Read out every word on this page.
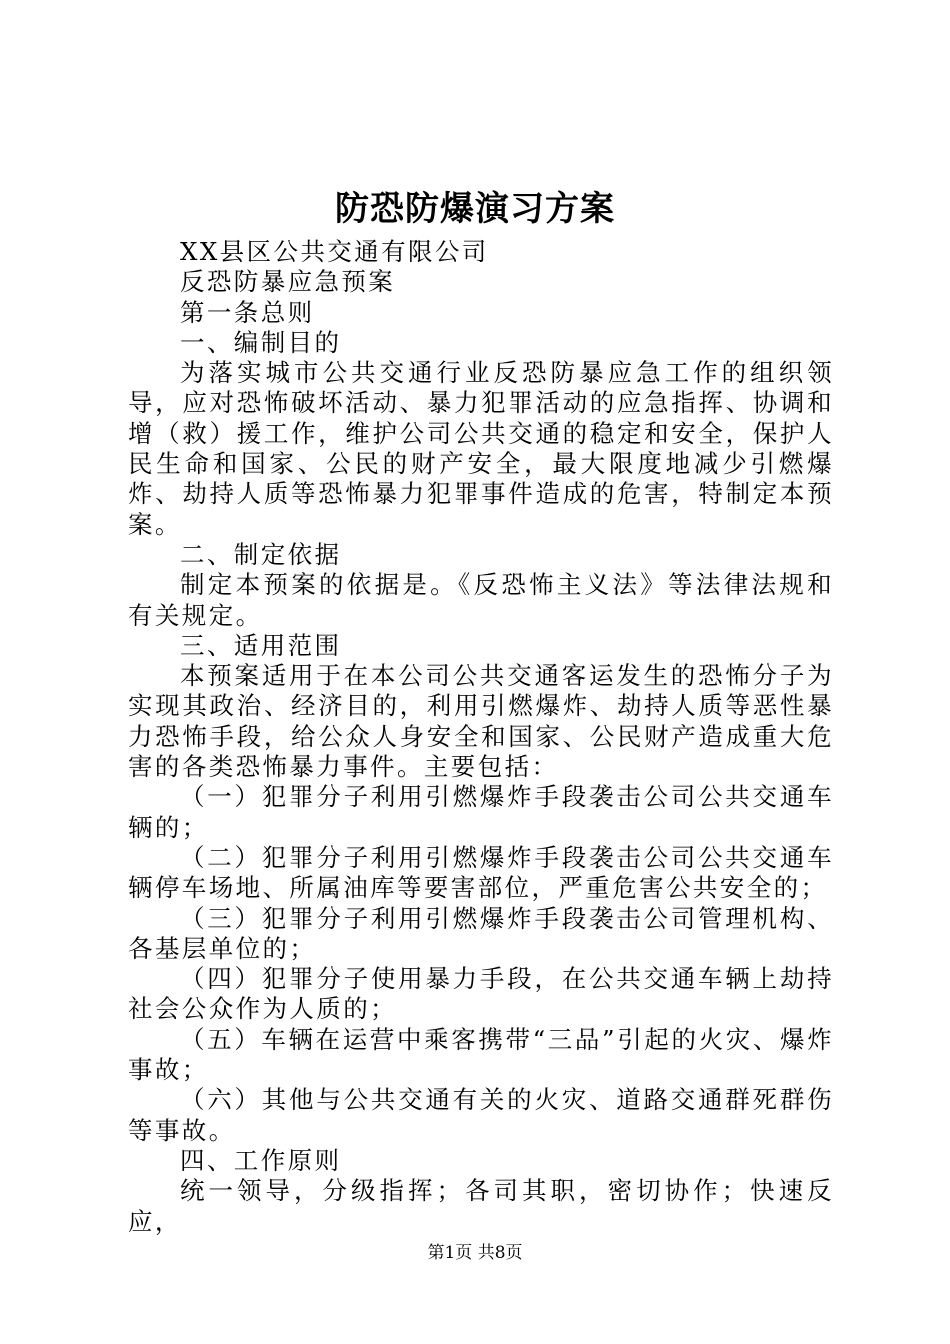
防恐防爆演习方案

XX县区公共交通有限公司

反恐防暴应急预案

第一条总则

一、编制目的

为落实城市公共交通行业反恐防暴应急工作的组织领导，应对恐怖破坏活动、暴力犯罪活动的应急指挥、协调和增（救）援工作，维护公司公共交通的稳定和安全，保护人民生命和国家、公民的财产安全，最大限度地减少引燃爆炸、劫持人质等恐怖暴力犯罪事件造成的危害，特制定本预案。

二、制定依据

制定本预案的依据是。《反恐怖主义法》等法律法规和有关规定。

三、适用范围

本预案适用于在本公司公共交通客运发生的恐怖分子为实现其政治、经济目的，利用引燃爆炸、劫持人质等恶性暴力恐怖手段，给公众人身安全和国家、公民财产造成重大危害的各类恐怖暴力事件。主要包括：

（一）犯罪分子利用引燃爆炸手段袭击公司公共交通车辆的；

（二）犯罪分子利用引燃爆炸手段袭击公司公共交通车辆停车场地、所属油库等要害部位，严重危害公共安全的；

（三）犯罪分子利用引燃爆炸手段袭击公司管理机构、各基层单位的；

（四）犯罪分子使用暴力手段，在公共交通车辆上劫持社会公众作为人质的；

（五）车辆在运营中乘客携带“三品”引起的火灾、爆炸事故；

（六）其他与公共交通有关的火灾、道路交通群死群伤等事故。

四、工作原则

统一领导，分级指挥；各司其职，密切协作；快速反应，

第1页 共8页
